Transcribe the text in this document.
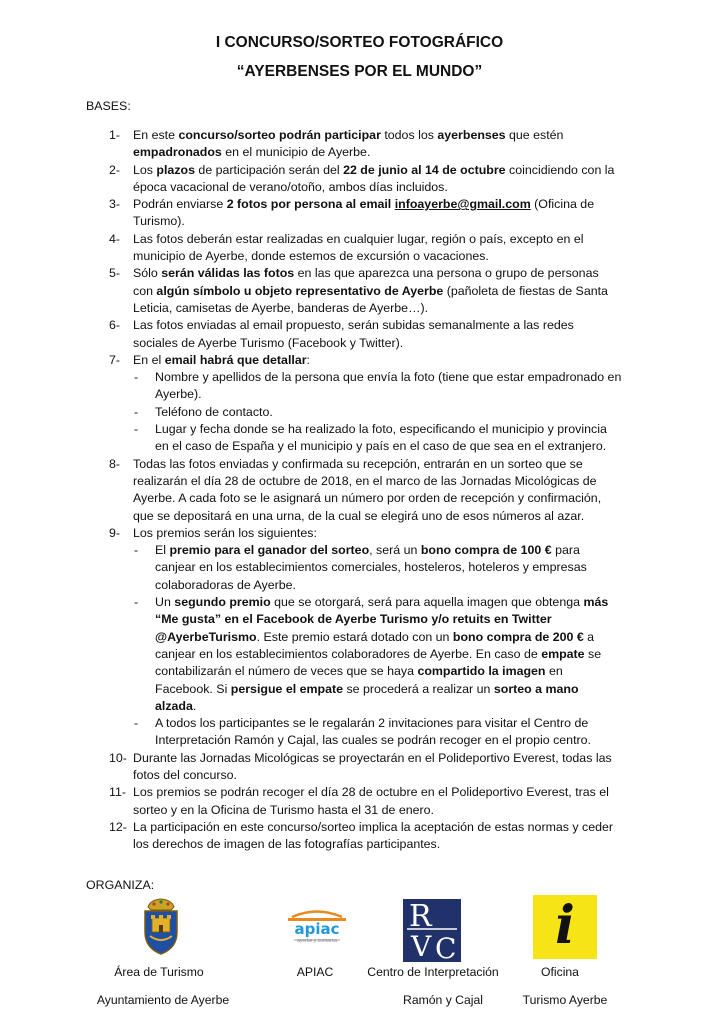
I CONCURSO/SORTEO FOTOGRÁFICO
“AYERBENSES POR EL MUNDO”
BASES:
1- En este concurso/sorteo podrán participar todos los ayerbenses que estén empadronados en el municipio de Ayerbe.
2- Los plazos de participación serán del 22 de junio al 14 de octubre coincidiendo con la época vacacional de verano/otoño, ambos días incluidos.
3- Podrán enviarse 2 fotos por persona al email infoayerbe@gmail.com (Oficina de Turismo).
4- Las fotos deberán estar realizadas en cualquier lugar, región o país, excepto en el municipio de Ayerbe, donde estemos de excursión o vacaciones.
5- Sólo serán válidas las fotos en las que aparezca una persona o grupo de personas con algún símbolo u objeto representativo de Ayerbe (pañoleta de fiestas de Santa Leticia, camisetas de Ayerbe, banderas de Ayerbe…).
6- Las fotos enviadas al email propuesto, serán subidas semanalmente a las redes sociales de Ayerbe Turismo (Facebook y Twitter).
7- En el email habrá que detallar:
- Nombre y apellidos de la persona que envía la foto (tiene que estar empadronado en Ayerbe).
- Teléfono de contacto.
- Lugar y fecha donde se ha realizado la foto, especificando el municipio y provincia en el caso de España y el municipio y país en el caso de que sea en el extranjero.
8- Todas las fotos enviadas y confirmada su recepción, entrarán en un sorteo que se realizarán el día 28 de octubre de 2018, en el marco de las Jornadas Micológicas de Ayerbe. A cada foto se le asignará un número por orden de recepción y confirmación, que se depositará en una urna, de la cual se elegirá uno de esos números al azar.
9- Los premios serán los siguientes:
- El premio para el ganador del sorteo, será un bono compra de 100 € para canjear en los establecimientos comerciales, hosteleros, hoteleros y empresas colaboradoras de Ayerbe.
- Un segundo premio que se otorgará, será para aquella imagen que obtenga más “Me gusta” en el Facebook de Ayerbe Turismo y/o retuits en Twitter @AyerbeTurismo. Este premio estará dotado con un bono compra de 200 € a canjear en los establecimientos colaboradores de Ayerbe. En caso de empate se contabilizarán el número de veces que se haya compartido la imagen en Facebook. Si persigue el empate se procederá a realizar un sorteo a mano alzada.
- A todos los participantes se le regalarán 2 invitaciones para visitar el Centro de Interpretación Ramón y Cajal, las cuales se podrán recoger en el propio centro.
10- Durante las Jornadas Micológicas se proyectarán en el Polideportivo Everest, todas las fotos del concurso.
11- Los premios se podrán recoger el día 28 de octubre en el Polideportivo Everest, tras el sorteo y en la Oficina de Turismo hasta el 31 de enero.
12- La participación en este concurso/sorteo implica la aceptación de estas normas y ceder los derechos de imagen de las fotografías participantes.
ORGANIZA:
apiac
ayerbe y comarca
R
V C	i
Área de Turismo
Ayuntamiento de Ayerbe
APIAC	Centro de Interpretación
Ramón y Cajal
Oficina
Turismo Ayerbe
